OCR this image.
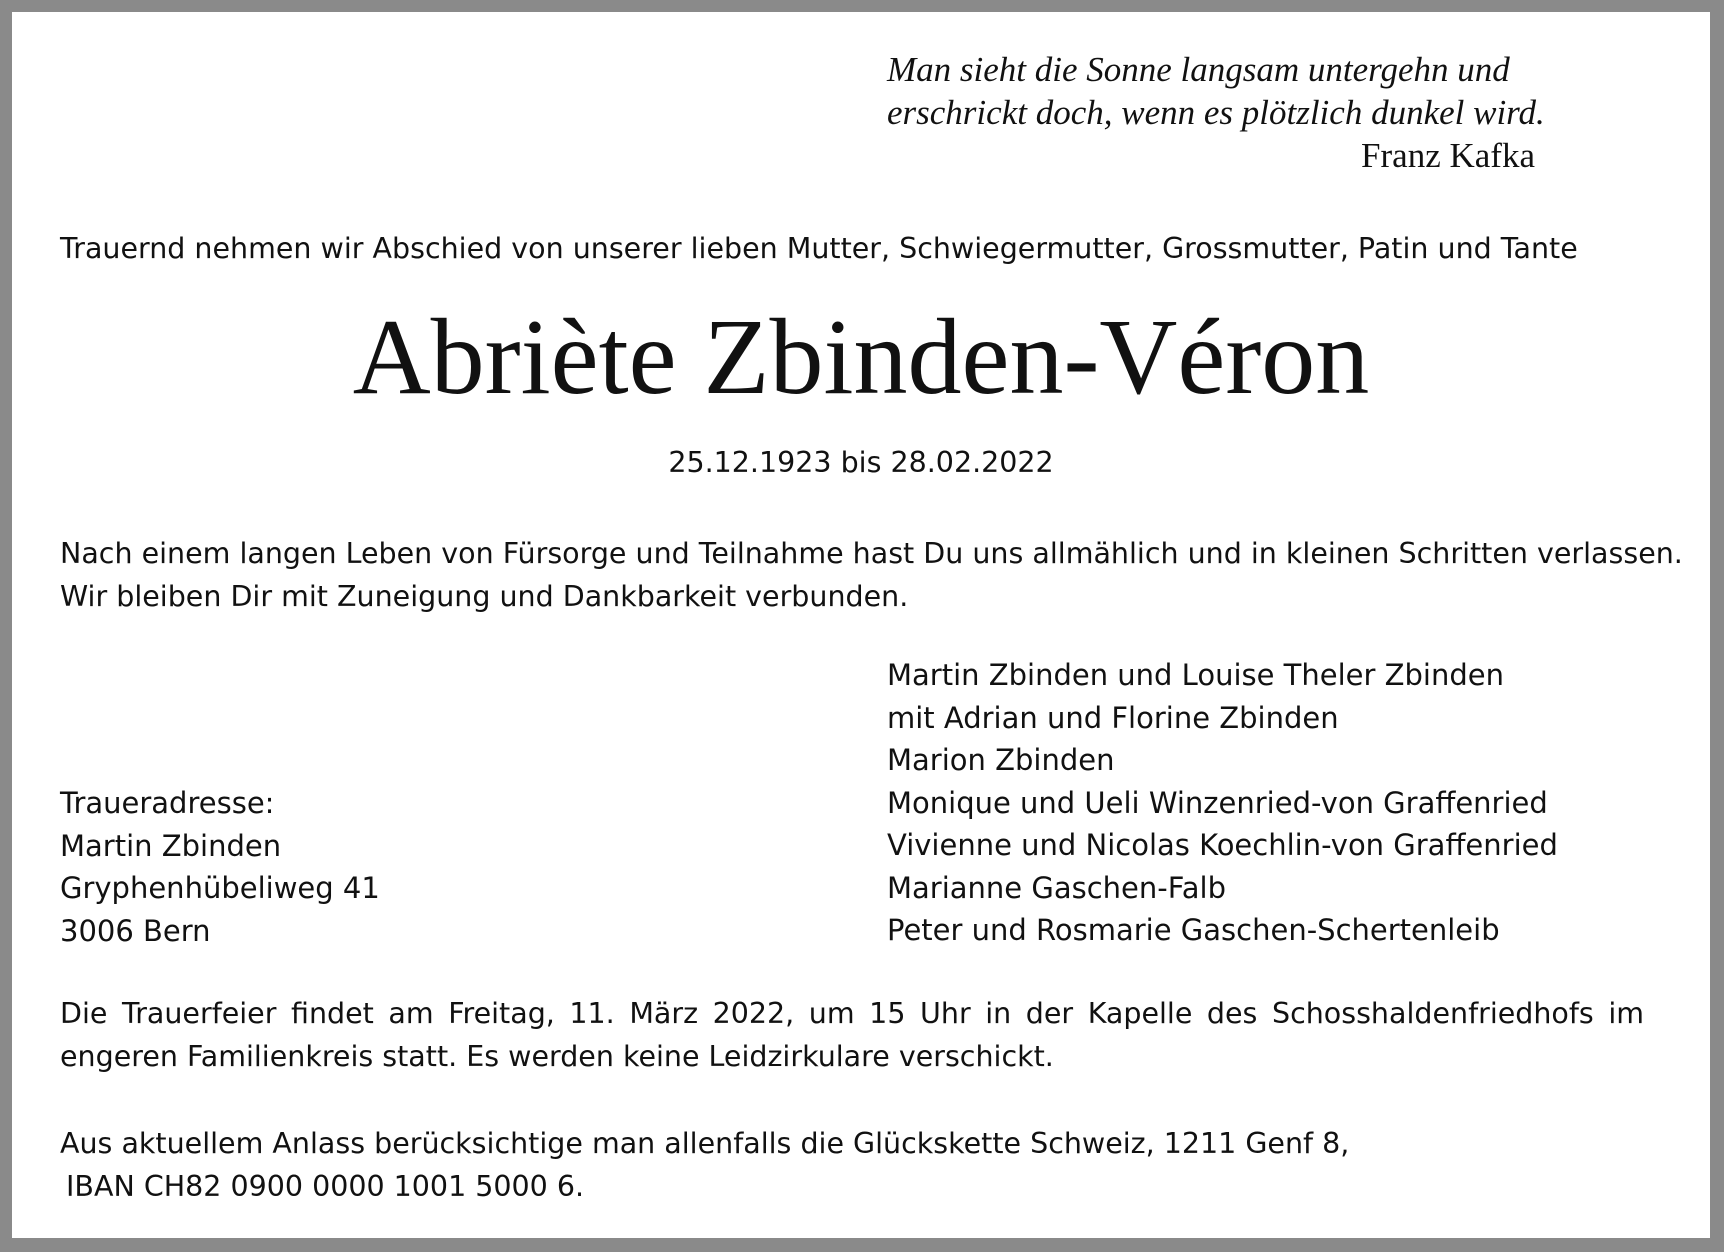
Man sieht die Sonne langsam untergehn und
erschrickt doch, wenn es plötzlich dunkel wird.
Franz Kafka
Trauernd nehmen wir Abschied von unserer lieben Mutter, Schwiegermutter, Grossmutter, Patin und Tante
Abriète Zbinden-Véron
25.12.1923 bis 28.02.2022
Nach einem langen Leben von Fürsorge und Teilnahme hast Du uns allmählich und in kleinen Schritten verlassen.
Wir bleiben Dir mit Zuneigung und Dankbarkeit verbunden.
Martin Zbinden und Louise Theler Zbinden
mit Adrian und Florine Zbinden
Marion Zbinden
Monique und Ueli Winzenried-von Graffenried
Vivienne und Nicolas Koechlin-von Graffenried
Marianne Gaschen-Falb
Peter und Rosmarie Gaschen-Schertenleib
Traueradresse:
Martin Zbinden
Gryphenhübeliweg 41
3006 Bern
Die Trauerfeier findet am Freitag, 11. März 2022, um 15 Uhr in der Kapelle des Schosshaldenfriedhofs im
engeren Familienkreis statt. Es werden keine Leidzirkulare verschickt.
Aus aktuellem Anlass berücksichtige man allenfalls die Glückskette Schweiz, 1211 Genf 8,
IBAN CH82 0900 0000 1001 5000 6.
